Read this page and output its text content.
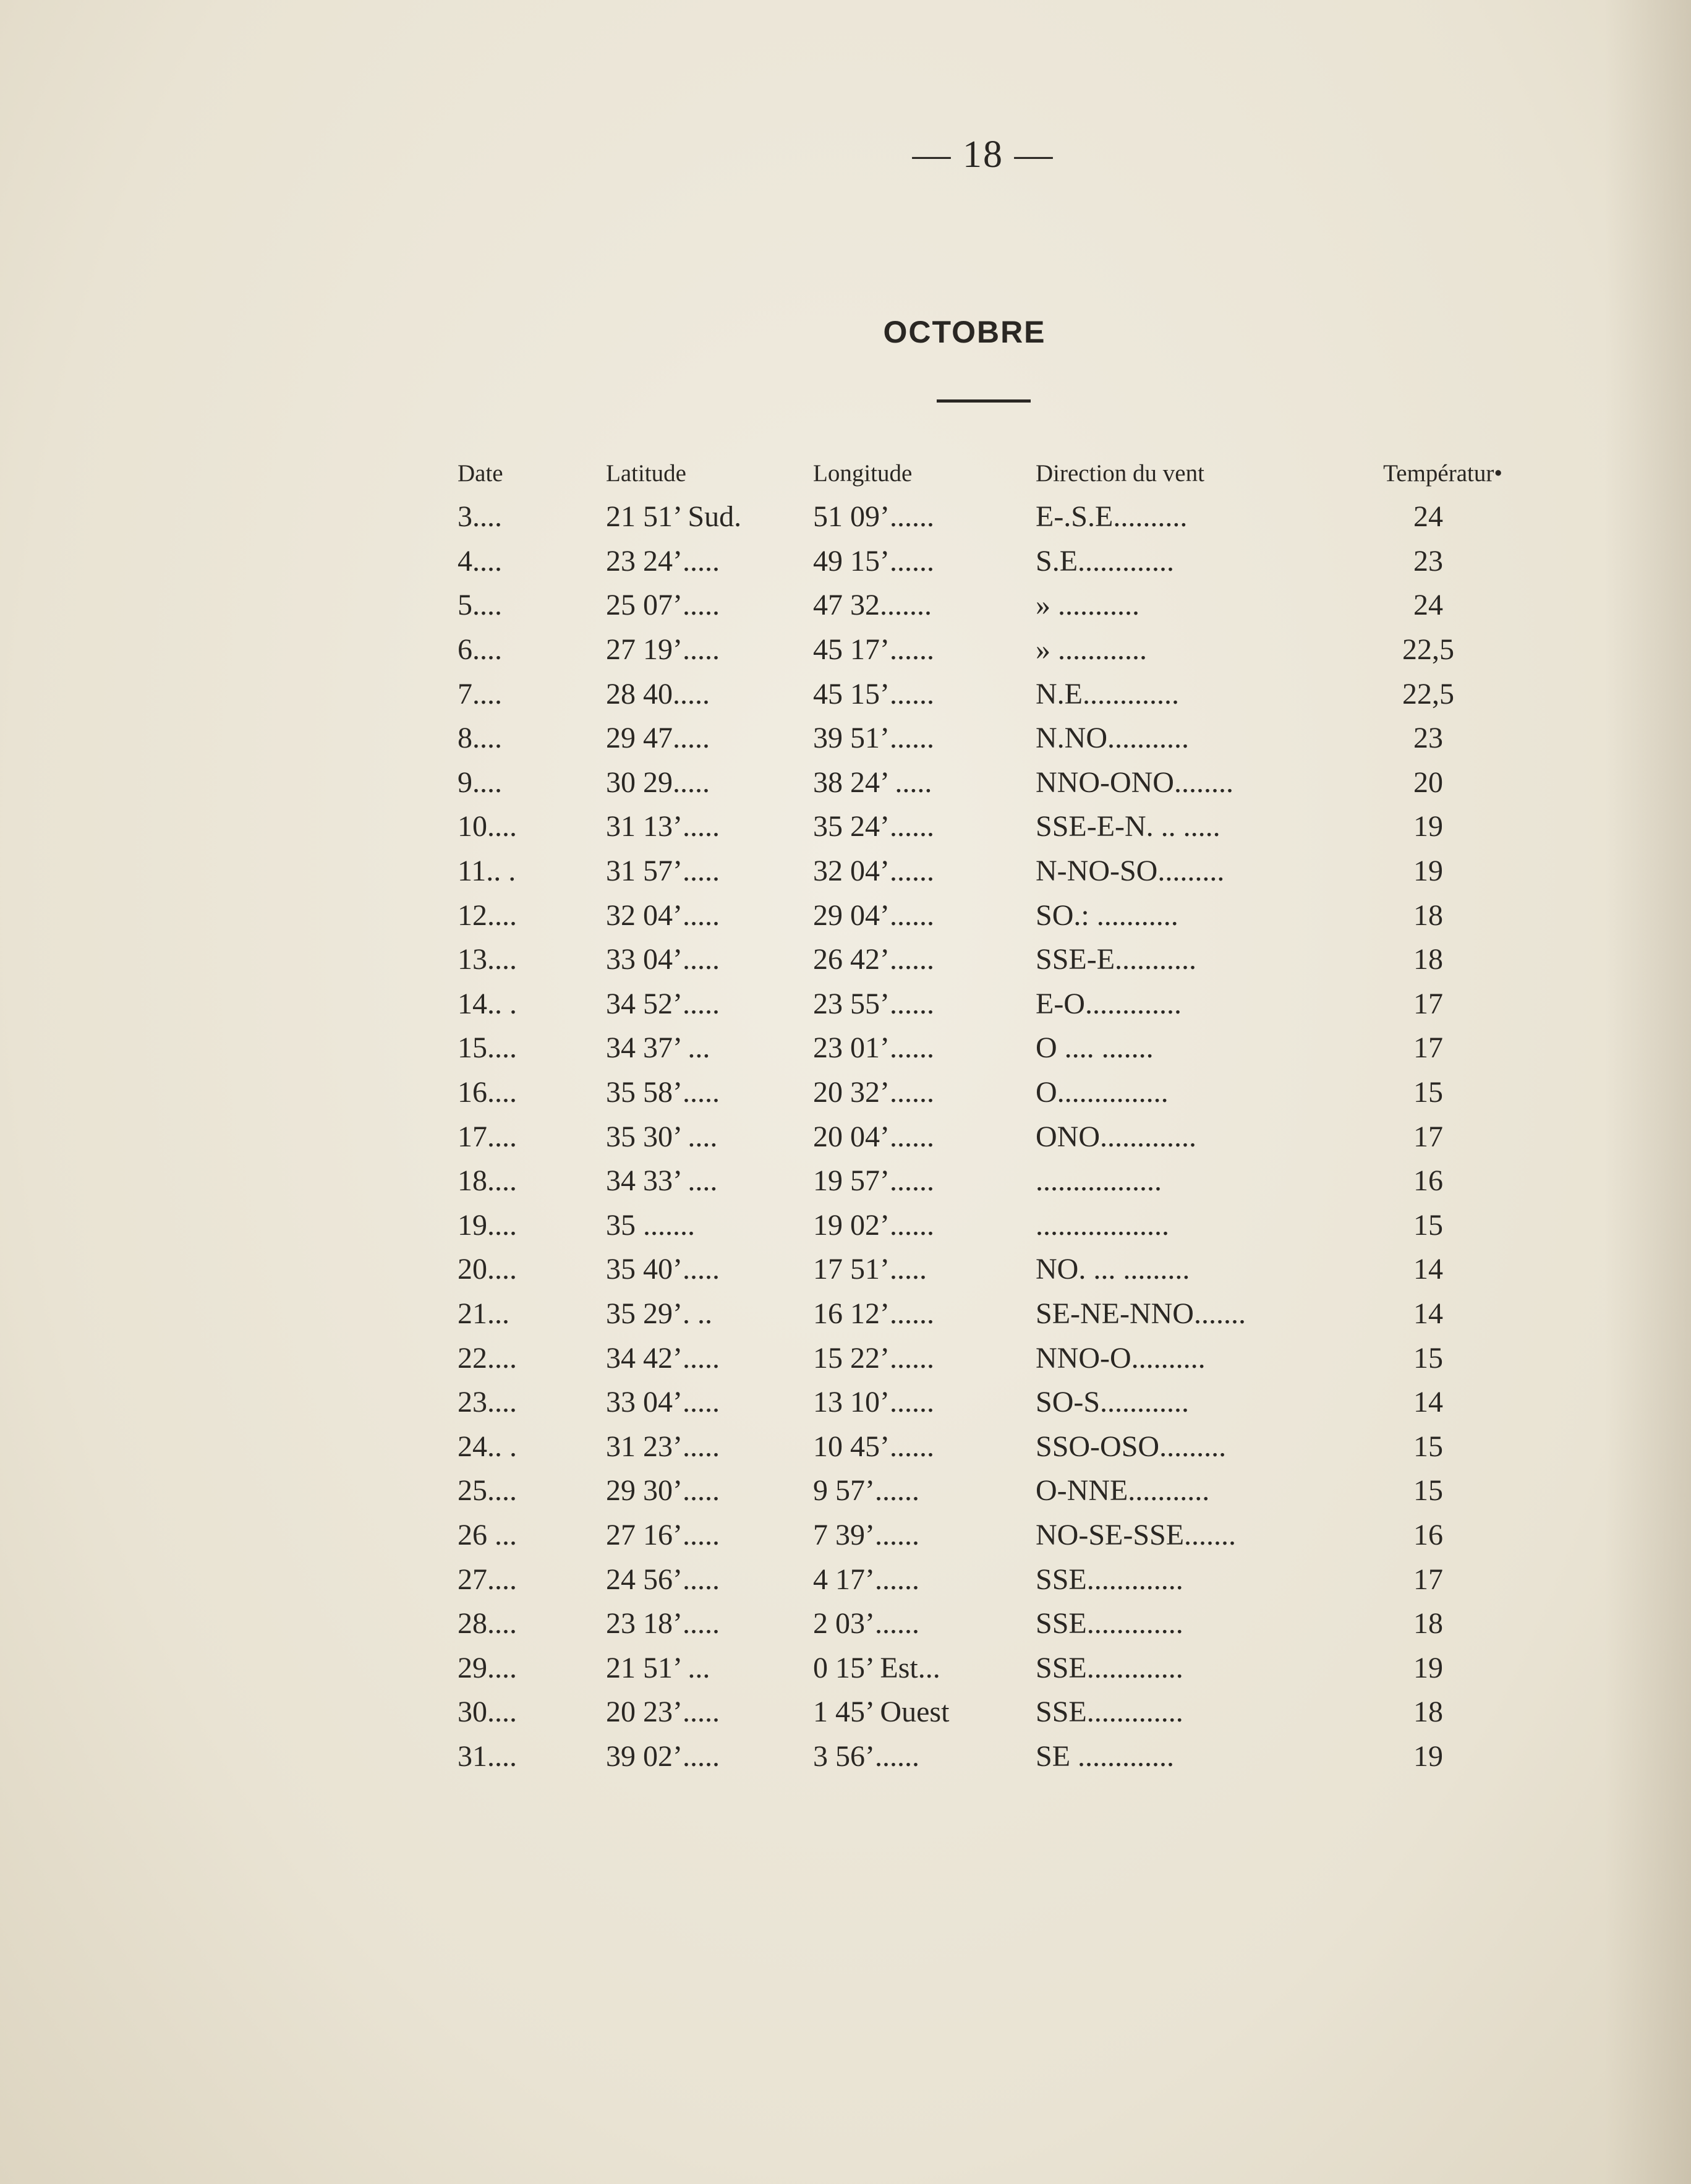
— 18 —
OCTOBRE
Date	Latitude	Longitude	Direction du vent	Températur•
3....	21 51’ Sud.	51 09’......	E-.S.E..........	24
4....	23 24’.....	49 15’......	S.E.............	23
5....	25 07’.....	47 32.......	» ...........	24
6....	27 19’.....	45 17’......	» ............	22,5
7....	28 40.....	45 15’......	N.E.............	22,5
8....	29 47.....	39 51’......	N.NO...........	23
9....	30 29.....	38 24’ .....	NNO-ONO........	20
10....	31 13’.....	35 24’......	SSE-E-N. .. .....	19
11.. .	31 57’.....	32 04’......	N-NO-SO.........	19
12....	32 04’.....	29 04’......	SO.: ...........	18
13....	33 04’.....	26 42’......	SSE-E...........	18
14.. .	34 52’.....	23 55’......	E-O.............	17
15....	34 37’ ...	23 01’......	O .... .......	17
16....	35 58’.....	20 32’......	O...............	15
17....	35 30’ ....	20 04’......	ONO.............	17
18....	34 33’ ....	19 57’......	.................	16
19....	35 .......	19 02’......	..................	15
20....	35 40’.....	17 51’.....	NO. ... .........	14
21...	35 29’. ..	16 12’......	SE-NE-NNO.......	14
22....	34 42’.....	15 22’......	NNO-O..........	15
23....	33 04’.....	13 10’......	SO-S............	14
24.. .	31 23’.....	10 45’......	SSO-OSO.........	15
25....	29 30’.....	9 57’......	O-NNE...........	15
26 ...	27 16’.....	7 39’......	NO-SE-SSE.......	16
27....	24 56’.....	4 17’......	SSE.............	17
28....	23 18’.....	2 03’......	SSE.............	18
29....	21 51’ ...	0 15’ Est...	SSE.............	19
30....	20 23’.....	1 45’ Ouest	SSE.............	18
31....	39 02’.....	3 56’......	SE .............	19
